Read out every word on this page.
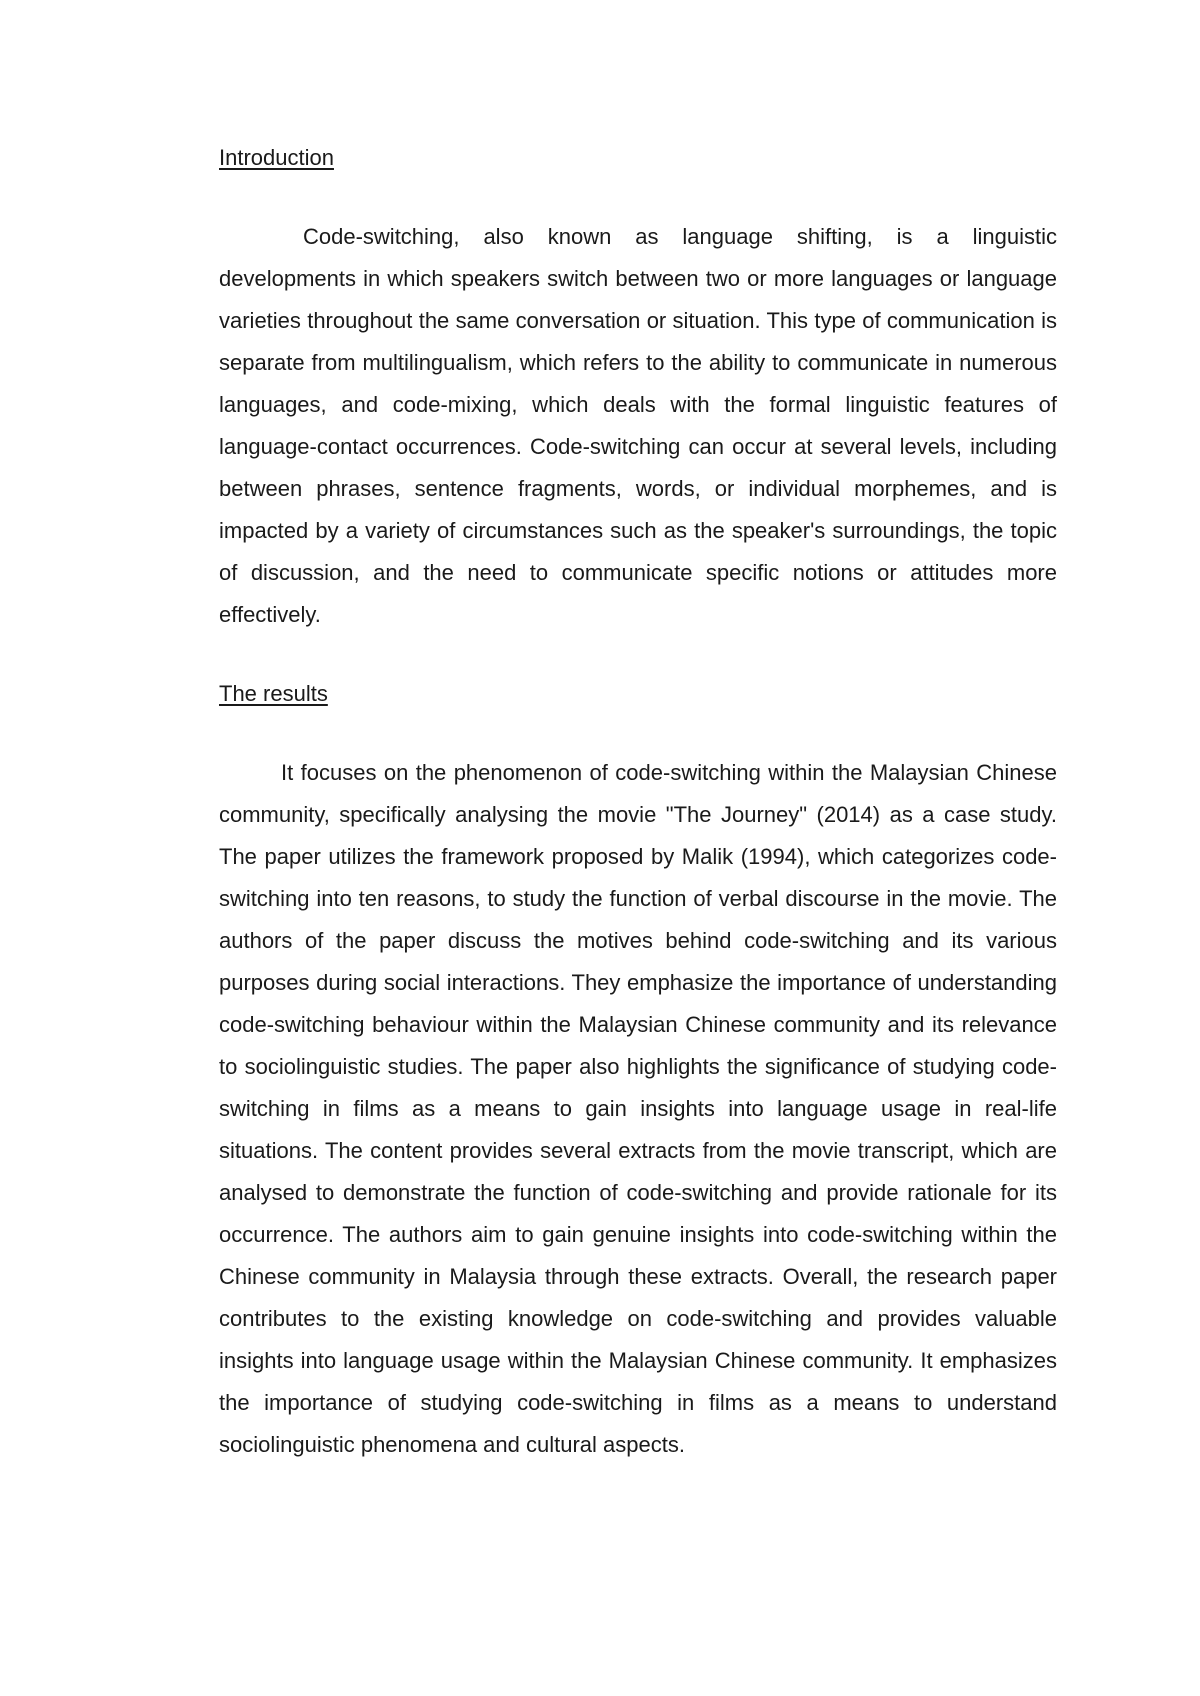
Introduction

Code-switching, also known as language shifting, is a linguistic developments in which speakers switch between two or more languages or language varieties throughout the same conversation or situation. This type of communication is separate from multilingualism, which refers to the ability to communicate in numerous languages, and code-mixing, which deals with the formal linguistic features of language-contact occurrences. Code-switching can occur at several levels, including between phrases, sentence fragments, words, or individual morphemes, and is impacted by a variety of circumstances such as the speaker's surroundings, the topic of discussion, and the need to communicate specific notions or attitudes more effectively.

The results

It focuses on the phenomenon of code-switching within the Malaysian Chinese community, specifically analysing the movie "The Journey" (2014) as a case study. The paper utilizes the framework proposed by Malik (1994), which categorizes code-switching into ten reasons, to study the function of verbal discourse in the movie. The authors of the paper discuss the motives behind code-switching and its various purposes during social interactions. They emphasize the importance of understanding code-switching behaviour within the Malaysian Chinese community and its relevance to sociolinguistic studies. The paper also highlights the significance of studying code-switching in films as a means to gain insights into language usage in real-life situations. The content provides several extracts from the movie transcript, which are analysed to demonstrate the function of code-switching and provide rationale for its occurrence. The authors aim to gain genuine insights into code-switching within the Chinese community in Malaysia through these extracts. Overall, the research paper contributes to the existing knowledge on code-switching and provides valuable insights into language usage within the Malaysian Chinese community. It emphasizes the importance of studying code-switching in films as a means to understand sociolinguistic phenomena and cultural aspects.
